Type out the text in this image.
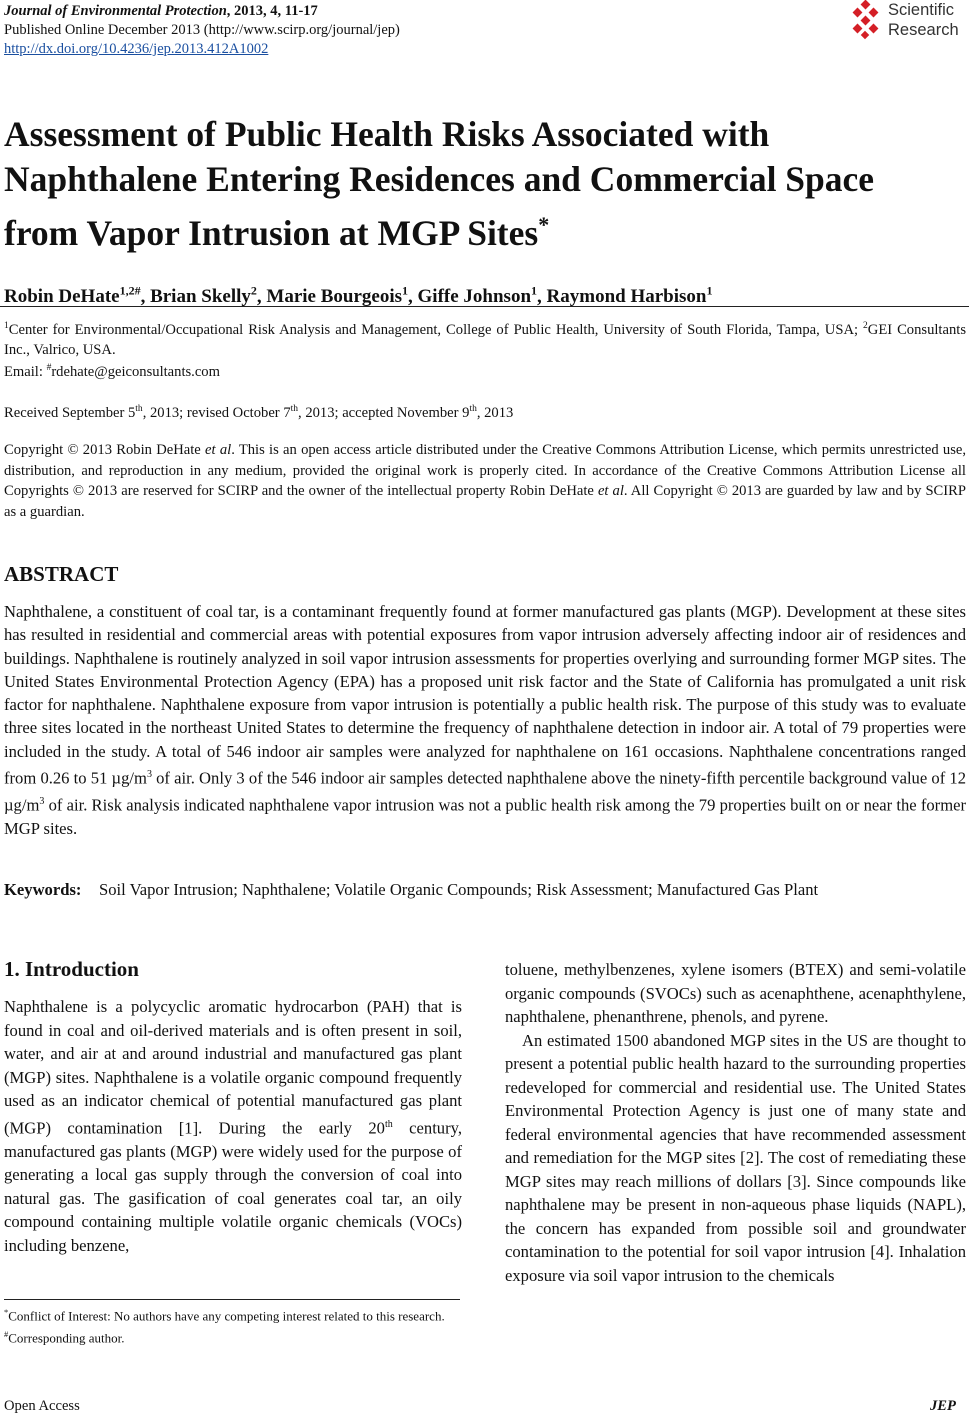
Journal of Environmental Protection, 2013, 4, 11-17
Published Online December 2013 (http://www.scirp.org/journal/jep)
http://dx.doi.org/10.4236/jep.2013.412A1002
Scientific
Research
Assessment of Public Health Risks Associated with
Naphthalene Entering Residences and Commercial Space
from Vapor Intrusion at MGP Sites*
Robin DeHate$^{1,2\#}$, Brian Skelly$^2$, Marie Bourgeois$^1$, Giffe Johnson$^1$, Raymond Harbison$^1$
$^1$Center for Environmental/Occupational Risk Analysis and Management, College of Public Health, University of South Florida, Tampa, USA; $^2$GEI Consultants Inc., Valrico, USA.
Email: #rdehate@geiconsultants.com
Received September 5th, 2013; revised October 7th, 2013; accepted November 9th, 2013
Copyright © 2013 Robin DeHate et al. This is an open access article distributed under the Creative Commons Attribution License, which permits unrestricted use, distribution, and reproduction in any medium, provided the original work is properly cited. In accordance of the Creative Commons Attribution License all Copyrights © 2013 are reserved for SCIRP and the owner of the intellectual property Robin DeHate et al. All Copyright © 2013 are guarded by law and by SCIRP as a guardian.
ABSTRACT
Naphthalene, a constituent of coal tar, is a contaminant frequently found at former manufactured gas plants (MGP). Development at these sites has resulted in residential and commercial areas with potential exposures from vapor intrusion adversely affecting indoor air of residences and buildings. Naphthalene is routinely analyzed in soil vapor intrusion assessments for properties overlying and surrounding former MGP sites. The United States Environmental Protection Agency (EPA) has a proposed unit risk factor and the State of California has promulgated a unit risk factor for naphthalene. Naphthalene exposure from vapor intrusion is potentially a public health risk. The purpose of this study was to evaluate three sites located in the northeast United States to determine the frequency of naphthalene detection in indoor air. A total of 79 properties were included in the study. A total of 546 indoor air samples were analyzed for naphthalene on 161 occasions. Naphthalene concentrations ranged from 0.26 to 51 $\mu g/m^3$ of air. Only 3 of the 546 indoor air samples detected naphthalene above the ninety-fifth percentile background value of 12 $\mu g/m^3$ of air. Risk analysis indicated naphthalene vapor intrusion was not a public health risk among the 79 properties built on or near the former MGP sites.
Keywords: Soil Vapor Intrusion; Naphthalene; Volatile Organic Compounds; Risk Assessment; Manufactured Gas Plant
1. Introduction

Naphthalene is a polycyclic aromatic hydrocarbon (PAH) that is found in coal and oil-derived materials and is often present in soil, water, and air at and around industrial and manufactured gas plant (MGP) sites. Naphthalene is a volatile organic compound frequently used as an indicator chemical of potential manufactured gas plant (MGP) contamination [1]. During the early 20th century, manufactured gas plants (MGP) were widely used for the purpose of generating a local gas supply through the conversion of coal into natural gas. The gasification of coal generates coal tar, an oily compound containing multiple volatile organic chemicals (VOCs) including benzene,

toluene, methylbenzenes, xylene isomers (BTEX) and semi-volatile organic compounds (SVOCs) such as acenaphthene, acenaphthylene, naphthalene, phenanthrene, phenols, and pyrene.

An estimated 1500 abandoned MGP sites in the US are thought to present a potential public health hazard to the surrounding properties redeveloped for commercial and residential use. The United States Environmental Protection Agency is just one of many state and federal environmental agencies that have recommended assessment and remediation for the MGP sites [2]. The cost of remediating these MGP sites may reach millions of dollars [3]. Since compounds like naphthalene may be present in non-aqueous phase liquids (NAPL), the concern has expanded from possible soil and groundwater contamination to the potential for soil vapor intrusion [4]. Inhalation exposure via soil vapor intrusion to the chemicals

*Conflict of Interest: No authors have any competing interest related to this research.
#Corresponding author.
Open Access	JEP
